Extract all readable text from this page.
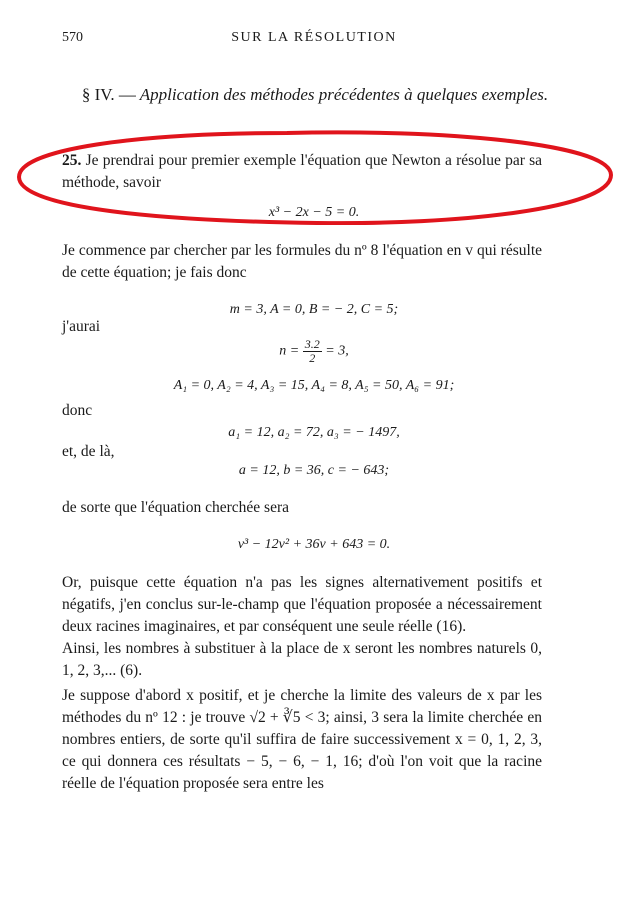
570	SUR LA RÉSOLUTION
§ IV. — Application des méthodes précédentes à quelques exemples.
25. Je prendrai pour premier exemple l'équation que Newton a résolue par sa méthode, savoir
x³ − 2x − 5 = 0.
Je commence par chercher par les formules du nº 8 l'équation en v qui résulte de cette équation; je fais donc
m = 3, A = 0, B = − 2, C = 5;
j'aurai
$n = \frac{3.2}{2} = 3$,
A₁ = 0, A₂ = 4, A₃ = 15, A₄ = 8, A₅ = 50, A₆ = 91;
donc
a₁ = 12, a₂ = 72, a₃ = − 1497,
et, de là,
a = 12, b = 36, c = − 643;
de sorte que l'équation cherchée sera
v³ − 12v² + 36v + 643 = 0.
Or, puisque cette équation n'a pas les signes alternativement positifs et négatifs, j'en conclus sur-le-champ que l'équation proposée a nécessairement deux racines imaginaires, et par conséquent une seule réelle (16).
Ainsi, les nombres à substituer à la place de x seront les nombres naturels 0, 1, 2, 3,... (6).
Je suppose d'abord x positif, et je cherche la limite des valeurs de x par les méthodes du nº 12 : je trouve √2 + ∛5 < 3; ainsi, 3 sera la limite cherchée en nombres entiers, de sorte qu'il suffira de faire successivement x = 0, 1, 2, 3, ce qui donnera ces résultats − 5, − 6, − 1, 16; d'où l'on voit que la racine réelle de l'équation proposée sera entre les
